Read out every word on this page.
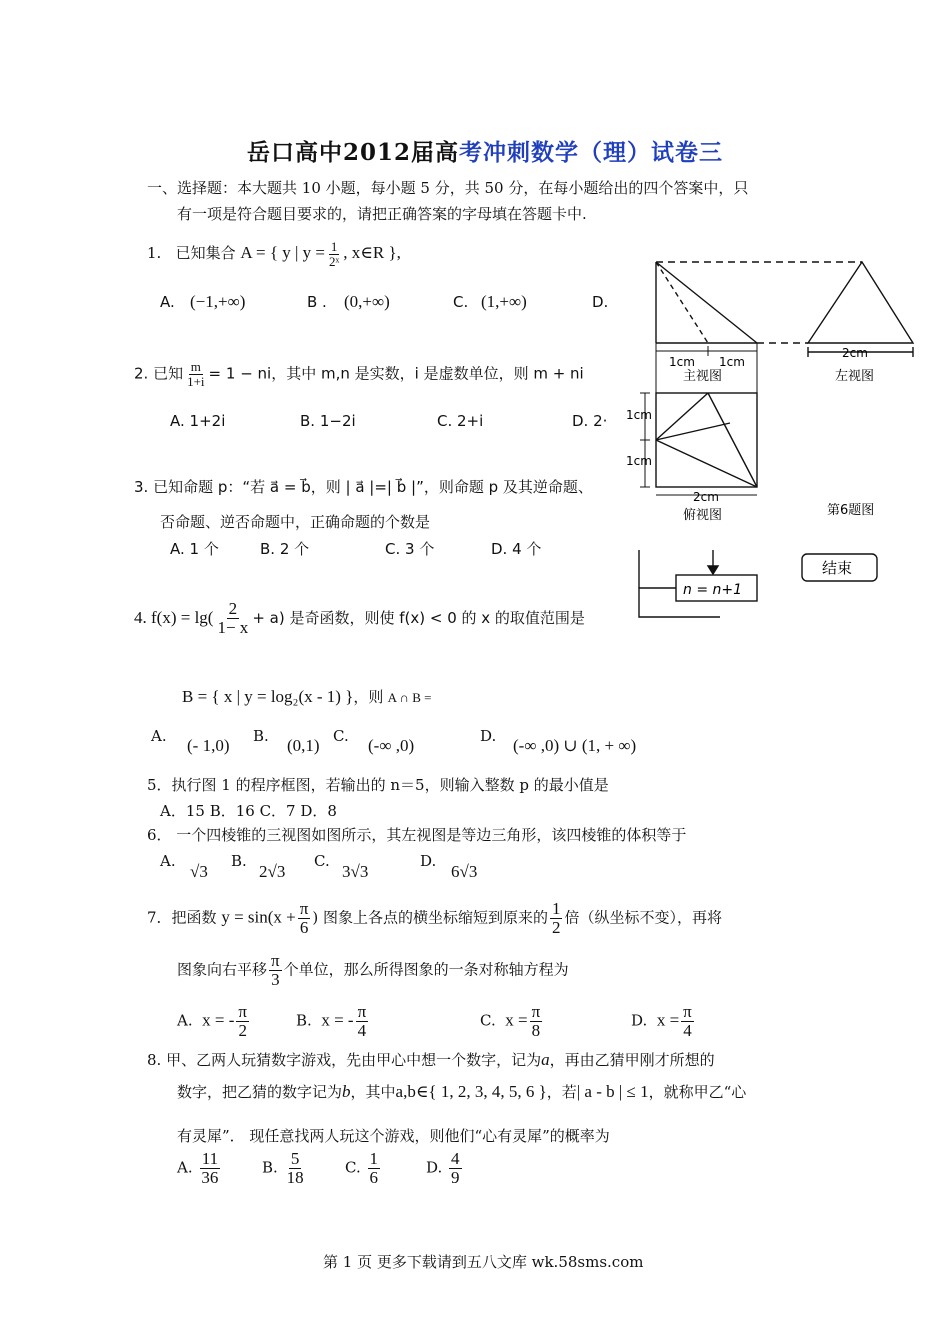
岳口高中2012届高考冲刺数学（理）试卷三
一、选择题：本大题共 10 小题，每小题 5 分，共 50 分，在每小题给出的四个答案中，只
有一项是符合题目要求的，请把正确答案的字母填在答题卡中.
1. 已知集合 A = { y | $y = \frac{1}{\text{2ˣ}}$ , x∈R },
A. (−1,+∞)	B . (0,+∞)	C. (1,+∞)	D.
2. 已知 $\frac{m}{1+i} = 1$ − ni，其中 m,n 是实数，i 是虚数单位，则 m + ni
A. 1+2i	B. 1−2i	C. 2+i	D. 2·
3. 已知命题 p：“若 a⃗ = b⃗，则 | a⃗ |=| b⃗ |”，则命题 p 及其逆命题、
否命题、逆否命题中，正确命题的个数是
A. 1 个	B. 2 个	C. 3 个	D. 4 个
4. $f(x) = \lg( \frac{2}{1- x} + a)$ 是奇函数，则使 f(x) < 0 的 x 的取值范围是
B = { x | y = log₂(x - 1) }，则 A ∩ B =
A. (- 1,0) B. (0,1) C. (-∞ ,0)	D. (-∞ ,0) ∪ (1, + ∞)
5．执行图 1 的程序框图，若输出的 n＝5，则输入整数 p 的最小值是
A．15 B．16 C．7 D．8
6． 一个四棱锥的三视图如图所示，其左视图是等边三角形，该四棱锥的体积等于
A.
√3
B.
2√3
C.
3√3
D.
6√3
7．把函数 $y = \sin(x + \frac{\pi}{6}$ ) 图象上各点的横坐标缩短到原来的 $\frac{1}{2}$ 倍（纵坐标不变），再将
图象向右平移 $\frac{\pi}{3}$ 个单位，那么所得图象的一条对称轴方程为
A. x = - $\frac{\pi}{2}$	B. x = - $\frac{\pi}{4}$	C. $x = \frac{\pi}{8}$	D. $x = \frac{\pi}{4}$
8. 甲、乙两人玩猜数字游戏，先由甲心中想一个数字，记为a，再由乙猜甲刚才所想的
数字，把乙猜的数字记为b，其中a,b∈{ 1, 2, 3, 4, 5, 6 }，若| a - b | ≤ 1，就称甲乙“心
有灵犀”． 现任意找两人玩这个游戏，则他们“心有灵犀”的概率为
A. $\frac{11}{36}$	B. $\frac{5}{18}$	C. $\frac{1}{6}$	D. $\frac{4}{9}$
1cm 1cm
2cm
主视图	左视图
1cm
1cm
2cm
俯视图	第6题图
n = n+1
结束
第 1 页 更多下载请到五八文库 wk.58sms.com
